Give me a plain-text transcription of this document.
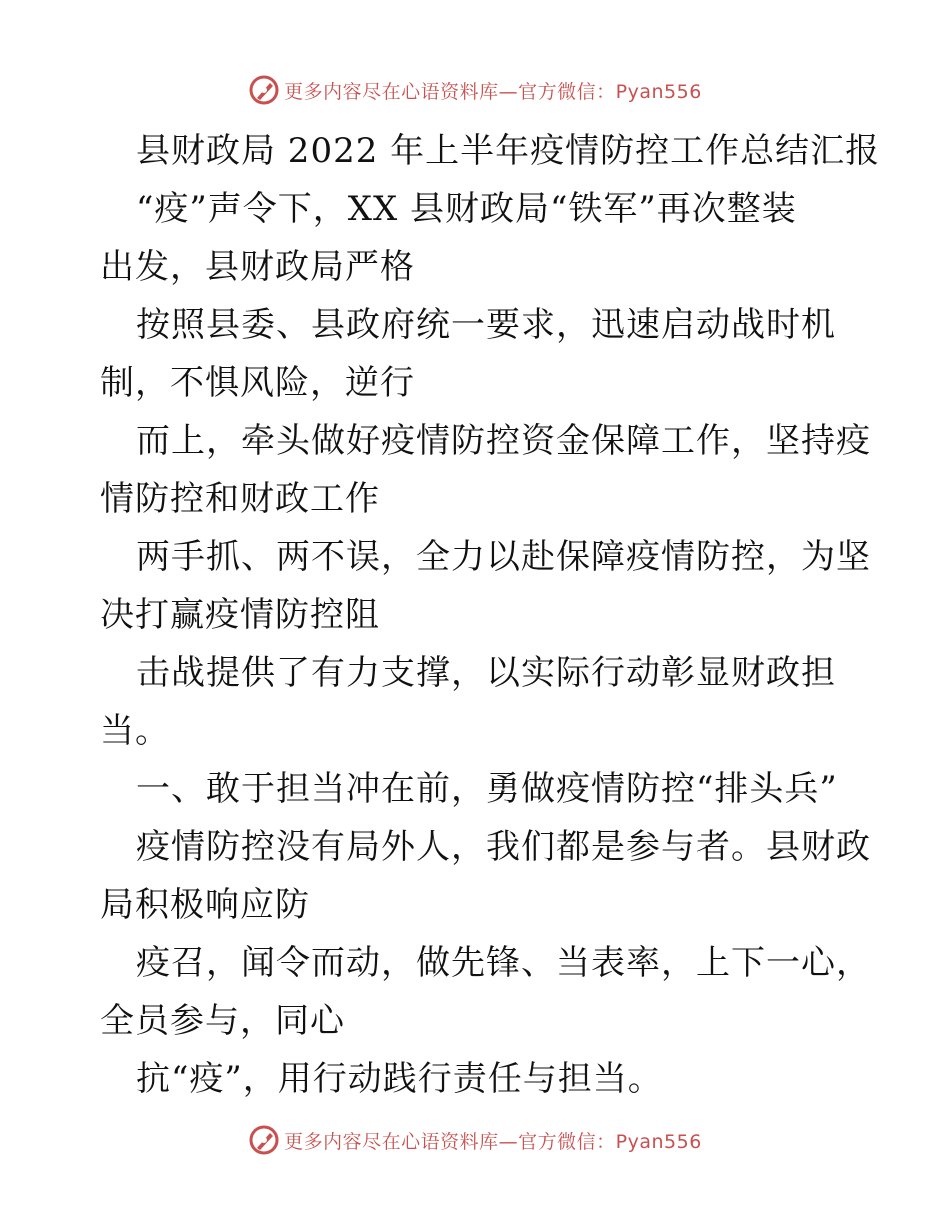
更多内容尽在心语资料库—官方微信：Pyan556
县财政局 2022 年上半年疫情防控工作总结汇报
“疫”声令下，XX 县财政局“铁军”再次整装
出发，县财政局严格
按照县委、县政府统一要求，迅速启动战时机
制，不惧风险，逆行
而上，牵头做好疫情防控资金保障工作，坚持疫
情防控和财政工作
两手抓、两不误，全力以赴保障疫情防控，为坚
决打赢疫情防控阻
击战提供了有力支撑，以实际行动彰显财政担
当。
一、敢于担当冲在前，勇做疫情防控“排头兵”
疫情防控没有局外人，我们都是参与者。县财政
局积极响应防
疫召，闻令而动，做先锋、当表率，上下一心，
全员参与，同心
抗“疫”，用行动践行责任与担当。
更多内容尽在心语资料库—官方微信：Pyan556
